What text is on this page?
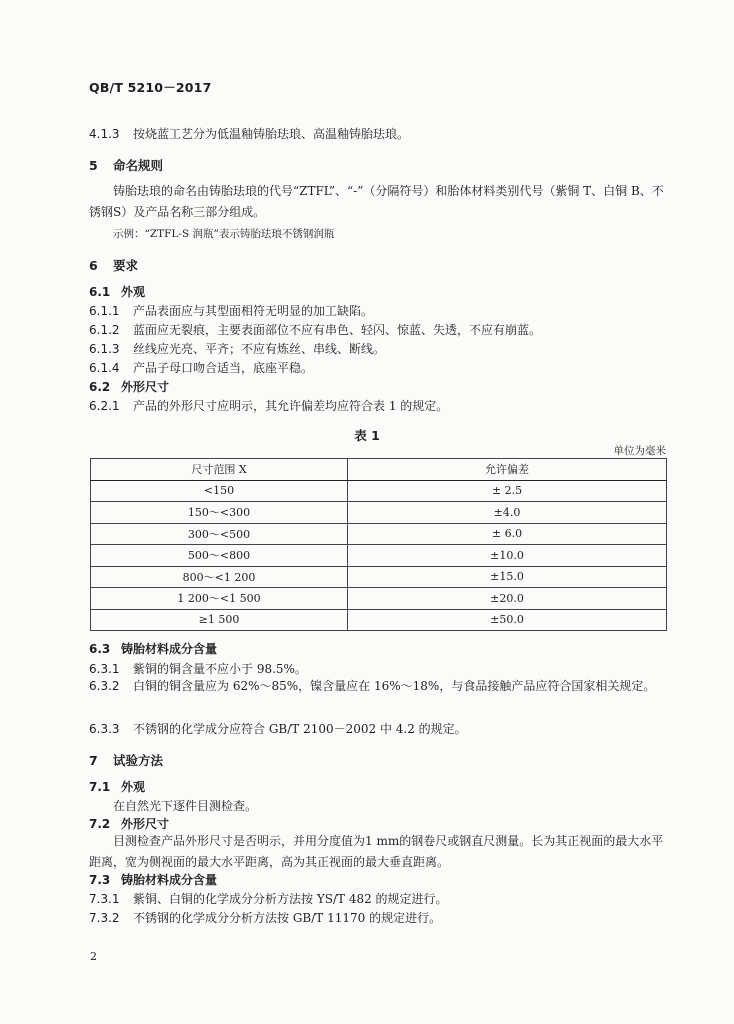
QB/T 5210－2017
4.1.3 按烧蓝工艺分为低温釉铸胎珐琅、高温釉铸胎珐琅。
5 命名规则
铸胎珐琅的命名由铸胎珐琅的代号“ZTFL”、“-”（分隔符号）和胎体材料类别代号（紫铜 T、白铜 B、不锈钢S）及产品名称三部分组成。
示例：“ZTFL-S 润瓶”表示铸胎珐琅不锈钢润瓶
6 要求
6.1 外观
6.1.1 产品表面应与其型面相符无明显的加工缺陷。
6.1.2 蓝面应无裂痕，主要表面部位不应有串色、轻闪、惊蓝、失透，不应有崩蓝。
6.1.3 丝线应光亮、平齐；不应有炼丝、串线、断线。
6.1.4 产品子母口吻合适当，底座平稳。
6.2 外形尺寸
6.2.1 产品的外形尺寸应明示，其允许偏差均应符合表 1 的规定。
表 1
单位为毫米
尺寸范围 X	允许偏差
<150	± 2.5
150～<300	±4.0
300～<500	± 6.0
500～<800	±10.0
800～<1 200	±15.0
1 200～<1 500	±20.0
≥1 500	±50.0
6.3 铸胎材料成分含量
6.3.1 紫铜的铜含量不应小于 98.5%。
6.3.2 白铜的铜含量应为 62%～85%，镍含量应在 16%～18%，与食品接触产品应符合国家相关规定。
6.3.3 不锈钢的化学成分应符合 GB/T 2100－2002 中 4.2 的规定。
7 试验方法
7.1 外观
在自然光下逐件目测检查。
7.2 外形尺寸
目测检查产品外形尺寸是否明示，并用分度值为1 mm的钢卷尺或钢直尺测量。长为其正视面的最大水平距离，宽为侧视面的最大水平距离，高为其正视面的最大垂直距离。
7.3 铸胎材料成分含量
7.3.1 紫铜、白铜的化学成分分析方法按 YS/T 482 的规定进行。
7.3.2 不锈钢的化学成分分析方法按 GB/T 11170 的规定进行。
2
